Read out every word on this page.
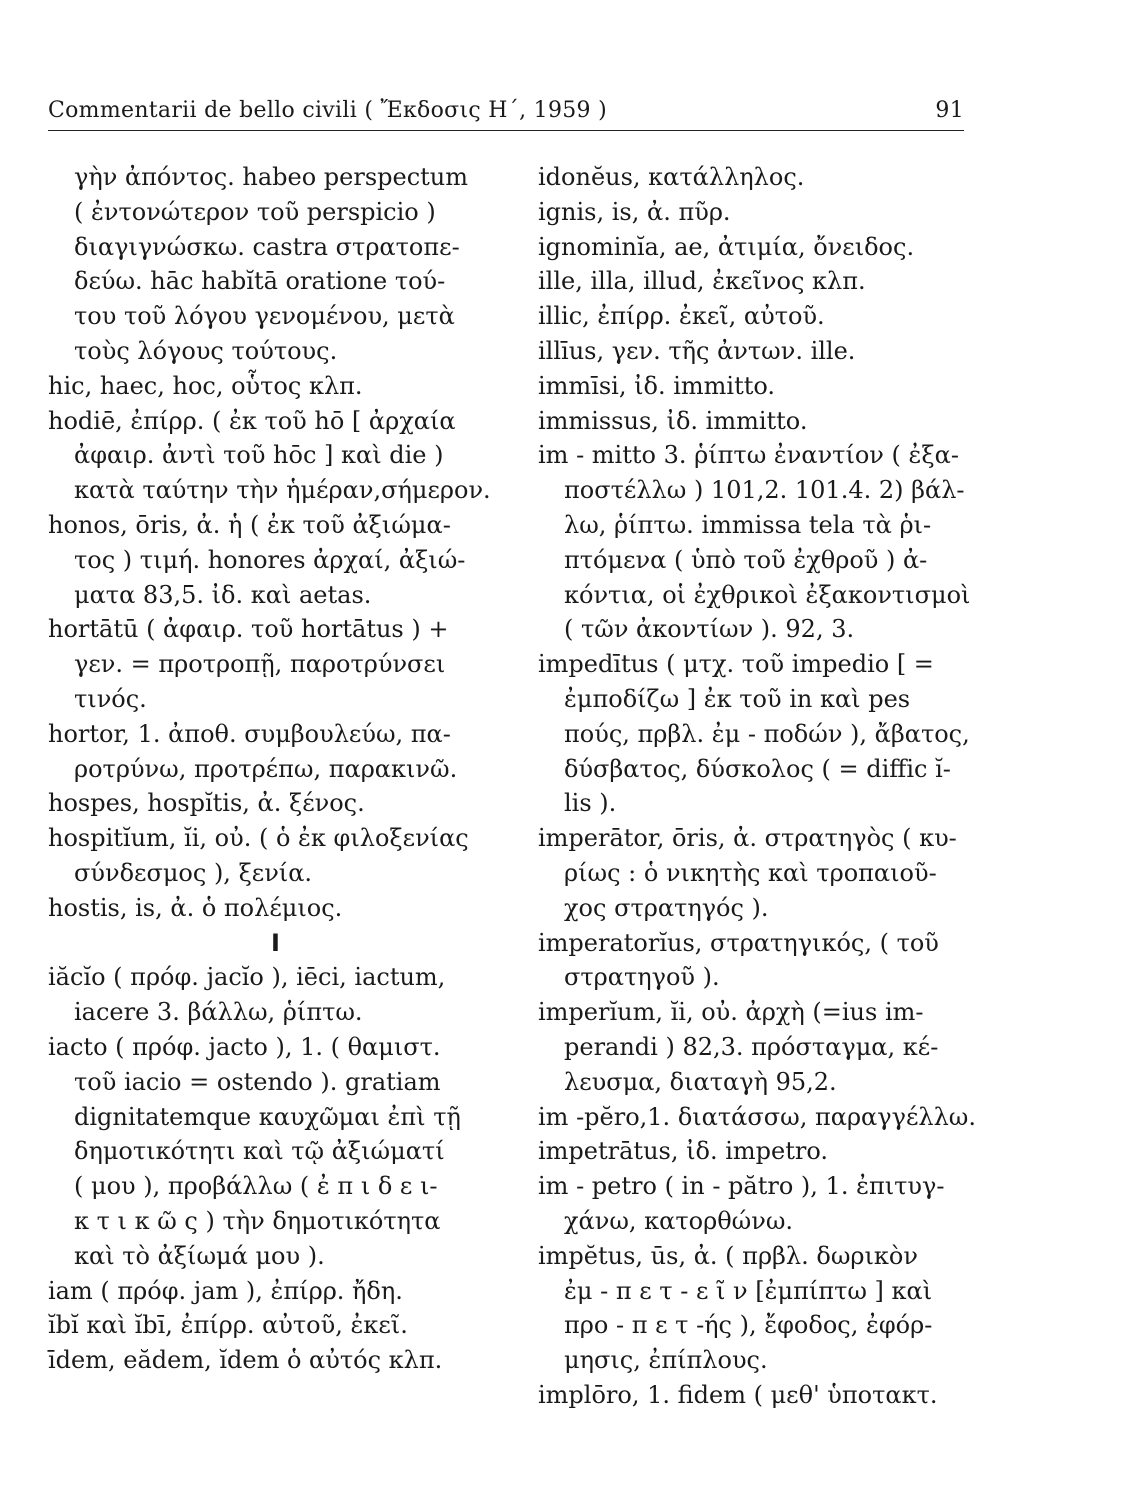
Commentarii de bello civili ( Ἔκδοσις Η΄, 1959 )	91
γὴν ἀπόντος. habeo perspectum
( ἐντονώτερον τοῦ perspicio )
διαγιγνώσκω. castra στρατοπε-
δεύω. hāc habĭtā oratione τού-
του τοῦ λόγου γενομένου, μετὰ
τοὺς λόγους τούτους.
hic, haec, hoc, οὗτος κλπ.
hodiē, ἐπίρρ. ( ἐκ τοῦ hō [ ἀρχαία
ἀφαιρ. ἀντὶ τοῦ hōc ] καὶ die )
κατὰ ταύτην τὴν ἡμέραν,σήμερον.
honos, ōris, ἀ. ἡ ( ἐκ τοῦ ἀξιώμα-
τος ) τιμή. honores ἀρχαί, ἀξιώ-
ματα 83,5. ἰδ. καὶ aetas.
hortātū ( ἀφαιρ. τοῦ hortātus ) +
γεν. = προτροπῇ, παροτρύνσει
τινός.
hortor, 1. ἀποθ. συμβουλεύω, πα-
ροτρύνω, προτρέπω, παρακινῶ.
hospes, hospĭtis, ἀ. ξένος.
hospitĭum, ĭi, οὐ. ( ὁ ἐκ φιλοξενίας
σύνδεσμος ), ξενία.
hostis, is, ἀ. ὁ πολέμιος.
I
iăcĭo ( πρόφ. jacĭo ), iēci, iactum,
iacere 3. βάλλω, ῥίπτω.
iacto ( πρόφ. jacto ), 1. ( θαμιστ.
τοῦ iacio = ostendo ). gratiam
dignitatemque καυχῶμαι ἐπὶ τῇ
δημοτικότητι καὶ τῷ ἀξιώματί
( μου ), προβάλλω ( ἐ π ι δ ε ι-
κ τ ι κ ῶ ς ) τὴν δημοτικότητα
καὶ τὸ ἀξίωμά μου ).
iam ( πρόφ. jam ), ἐπίρρ. ἤδη.
ĭbĭ καὶ ĭbī, ἐπίρρ. αὐτοῦ, ἐκεῖ.
īdem, eădem, ĭdem ὁ αὐτός κλπ.
idonĕus, κατάλληλος.
ignis, is, ἀ. πῦρ.
ignominĭa, ae, ἀτιμία, ὄνειδος.
ille, illa, illud, ἐκεῖνος κλπ.
illic, ἐπίρρ. ἐκεῖ, αὐτοῦ.
illīus, γεν. τῆς ἀντων. ille.
immīsi, ἰδ. immitto.
immissus, ἰδ. immitto.
im - mitto 3. ῥίπτω ἐναντίον ( ἐξα-
ποστέλλω ) 101,2. 101.4. 2) βάλ-
λω, ῥίπτω. immissa tela τὰ ῥι-
πτόμενα ( ὑπὸ τοῦ ἐχθροῦ ) ἀ-
κόντια, οἱ ἐχθρικοὶ ἐξακοντισμοὶ
( τῶν ἀκοντίων ). 92, 3.
impedītus ( μτχ. τοῦ impedio [ =
ἐμποδίζω ] ἐκ τοῦ in καὶ pes
πούς, πρβλ. ἐμ - ποδών ), ἄβατος,
δύσβατος, δύσκολος ( = diffic ĭ-
lis ).
imperātor, ōris, ἀ. στρατηγὸς ( κυ-
ρίως : ὁ νικητὴς καὶ τροπαιοῦ-
χος στρατηγός ).
imperatorĭus, στρατηγικός, ( τοῦ
στρατηγοῦ ).
imperĭum, ĭi, οὐ. ἀρχὴ (=ius im-
perandi ) 82,3. πρόσταγμα, κέ-
λευσμα, διαταγὴ 95,2.
im -pĕro,1. διατάσσω, παραγγέλλω.
impetrātus, ἰδ. impetro.
im - petro ( in - pătro ), 1. ἐπιτυγ-
χάνω, κατορθώνω.
impĕtus, ūs, ἀ. ( πρβλ. δωρικὸν
ἐμ - π ε τ - ε ῖ ν [ἐμπίπτω ] καὶ
προ - π ε τ -ής ), ἔφοδος, ἐφόρ-
μησις, ἐπίπλους.
implōro, 1. fidem ( μεθ' ὑποτακτ.
